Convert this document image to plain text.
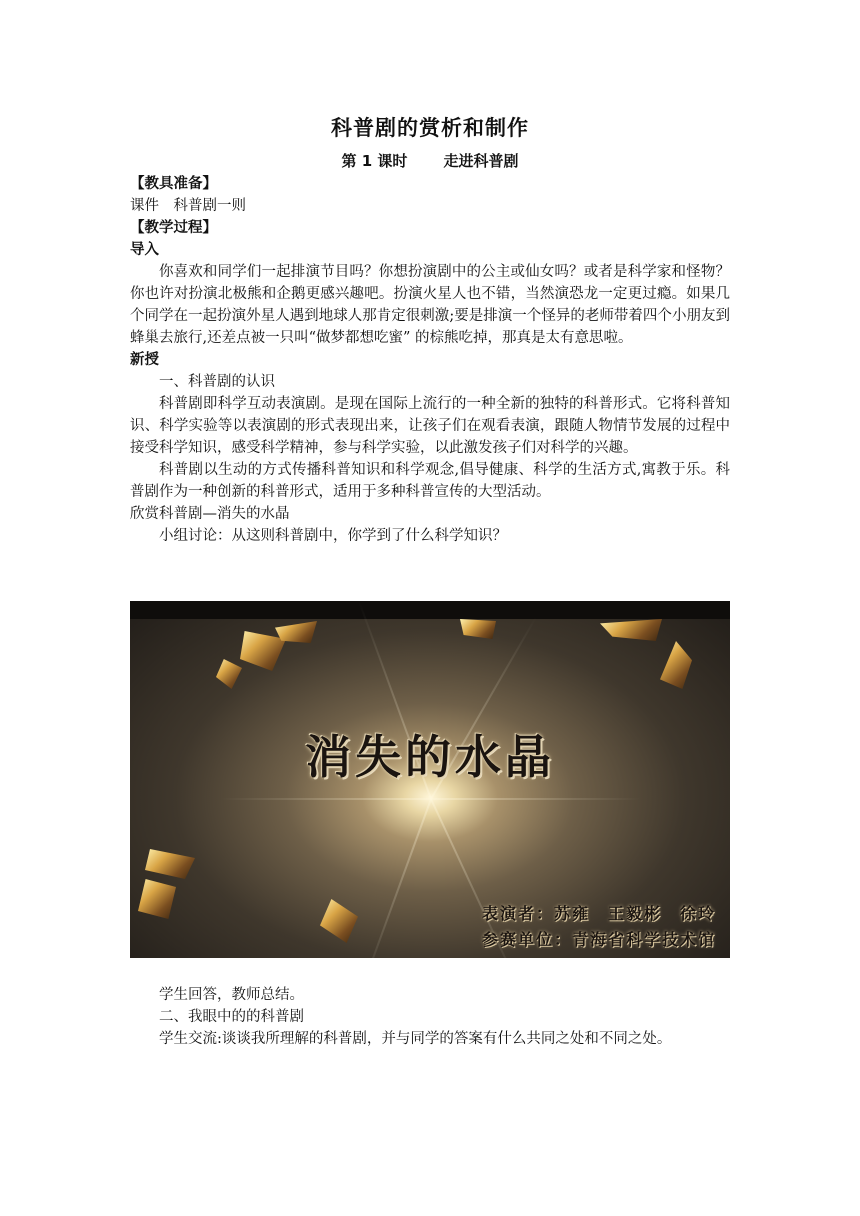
科普剧的赏析和制作
第 1 课时 走进科普剧

【教具准备】

课件　科普剧一则

【教学过程】

导入

你喜欢和同学们一起排演节目吗？你想扮演剧中的公主或仙女吗？或者是科学家和怪物？你也许对扮演北极熊和企鹅更感兴趣吧。扮演火星人也不错，当然演恐龙一定更过瘾。如果几个同学在一起扮演外星人遇到地球人那肯定很刺激;要是排演一个怪异的老师带着四个小朋友到蜂巢去旅行,还差点被一只叫“做梦都想吃蜜” 的棕熊吃掉，那真是太有意思啦。

新授

一、科普剧的认识

科普剧即科学互动表演剧。是现在国际上流行的一种全新的独特的科普形式。它将科普知识、科学实验等以表演剧的形式表现出来，让孩子们在观看表演，跟随人物情节发展的过程中接受科学知识，感受科学精神，参与科学实验，以此激发孩子们对科学的兴趣。

科普剧以生动的方式传播科普知识和科学观念,倡导健康、科学的生活方式,寓教于乐。科普剧作为一种创新的科普形式，适用于多种科普宣传的大型活动。

欣赏科普剧—消失的水晶

小组讨论：从这则科普剧中，你学到了什么科学知识？

消失的水晶
表演者：苏雍　王毅彬　徐玲
参赛单位：青海省科学技术馆

学生回答，教师总结。

二、我眼中的的科普剧

学生交流:谈谈我所理解的科普剧，并与同学的答案有什么共同之处和不同之处。
